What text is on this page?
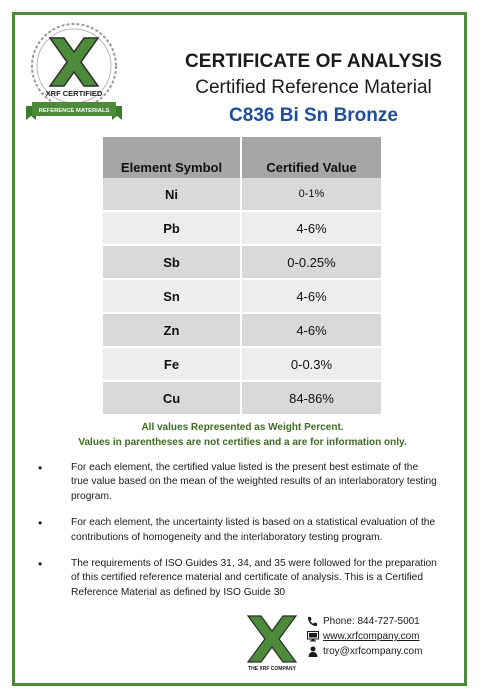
XRF CERTIFIED
REFERENCE MATERIALS
CERTIFICATE OF ANALYSIS
Certified Reference Material
C836 Bi Sn Bronze
Element Symbol	Certified Value
Ni	0-1%
Pb	4-6%
Sb	0-0.25%
Sn	4-6%
Zn	4-6%
Fe	0-0.3%
Cu	84-86%
All values Represented as Weight Percent.
Values in parentheses are not certifies and a are for information only.
•	For each element, the certified value listed is the present best estimate of the true value based on the mean of the weighted results of an interlaboratory testing program.
•	For each element, the uncertainty listed is based on a statistical evaluation of the contributions of homogeneity and the interlaboratory testing program.
•	The requirements of ISO Guides 31, 34, and 35 were followed for the preparation of this certified reference material and certificate of analysis. This is a Certified Reference Material as defined by ISO Guide 30
THE XRF COMPANY
Phone: 844-727-5001
www.xrfcompany.com
troy@xrfcompany.com
